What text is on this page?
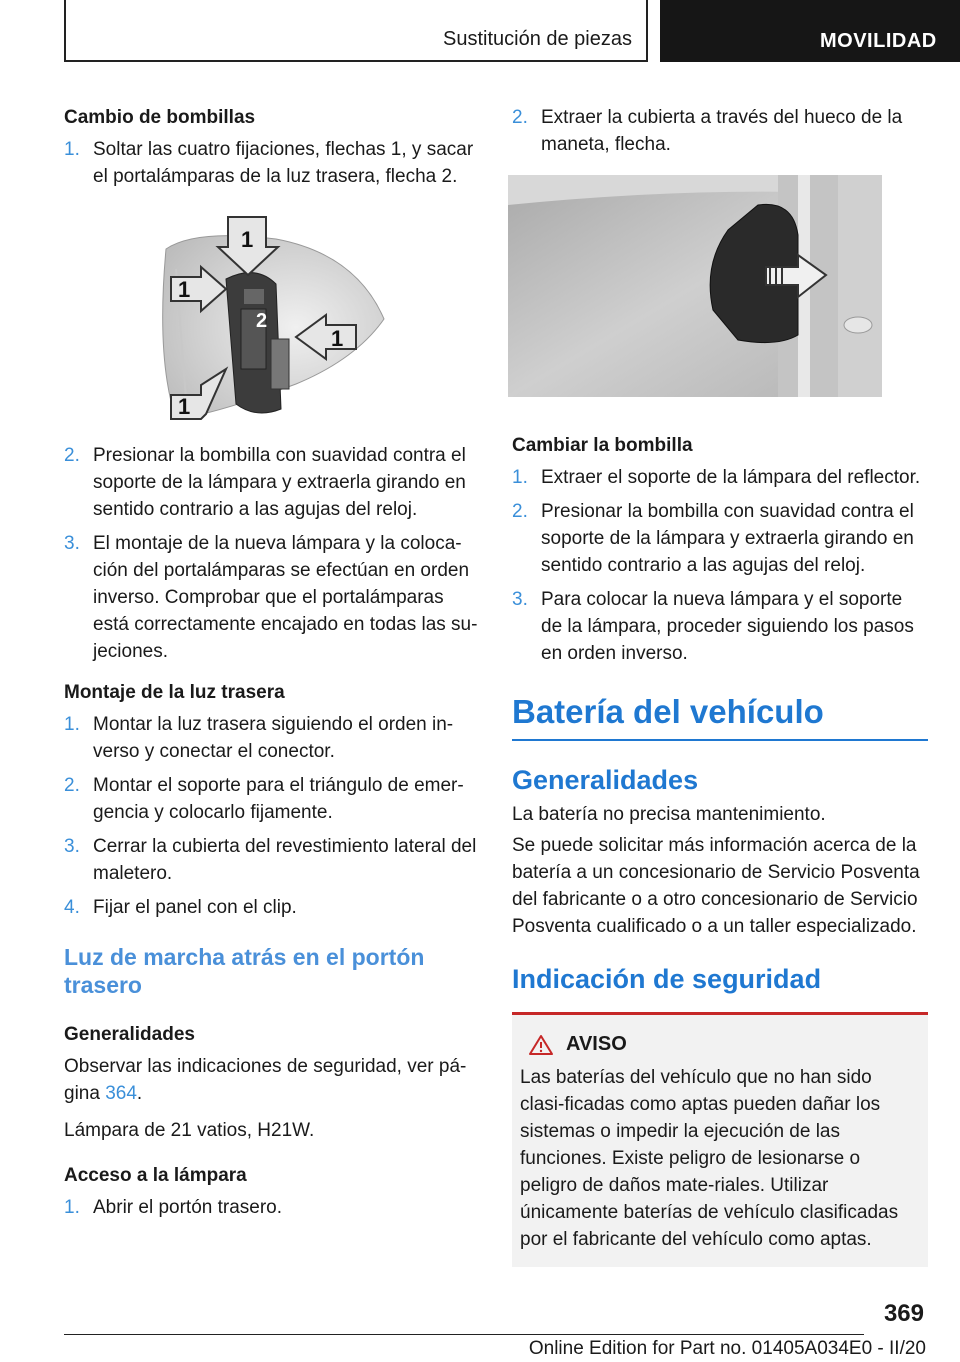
Sustitución de piezas	MOVILIDAD
Cambio de bombillas
1. Soltar las cuatro fijaciones, flechas 1, y sacar el portalámparas de la luz trasera, flecha 2.
1
1
2
1
1
2. Presionar la bombilla con suavidad contra el soporte de la lámpara y extraerla girando en sentido contrario a las agujas del reloj.
3. El montaje de la nueva lámpara y la coloca-ción del portalámparas se efectúan en orden inverso. Comprobar que el portalámparas está correctamente encajado en todas las su-jeciones.
Montaje de la luz trasera
1. Montar la luz trasera siguiendo el orden in-verso y conectar el conector.
2. Montar el soporte para el triángulo de emer-gencia y colocarlo fijamente.
3. Cerrar la cubierta del revestimiento lateral del maletero.
4. Fijar el panel con el clip.
Luz de marcha atrás en el portón trasero
Generalidades

Observar las indicaciones de seguridad, ver pá-gina 364.

Lámpara de 21 vatios, H21W.

Acceso a la lámpara
1. Abrir el portón trasero.
2. Extraer la cubierta a través del hueco de la maneta, flecha.
Cambiar la bombilla
1. Extraer el soporte de la lámpara del reflector.
2. Presionar la bombilla con suavidad contra el soporte de la lámpara y extraerla girando en sentido contrario a las agujas del reloj.
3. Para colocar la nueva lámpara y el soporte de la lámpara, proceder siguiendo los pasos en orden inverso.
Batería del vehículo
Generalidades

La batería no precisa mantenimiento.

Se puede solicitar más información acerca de la batería a un concesionario de Servicio Posventa del fabricante o a otro concesionario de Servicio Posventa cualificado o a un taller especializado.

Indicación de seguridad
AVISO
Las baterías del vehículo que no han sido clasi-ficadas como aptas pueden dañar los sistemas o impedir la ejecución de las funciones. Existe peligro de lesionarse o peligro de daños mate-riales. Utilizar únicamente baterías de vehículo clasificadas por el fabricante del vehículo como aptas.
369
Online Edition for Part no. 01405A034E0 - II/20
